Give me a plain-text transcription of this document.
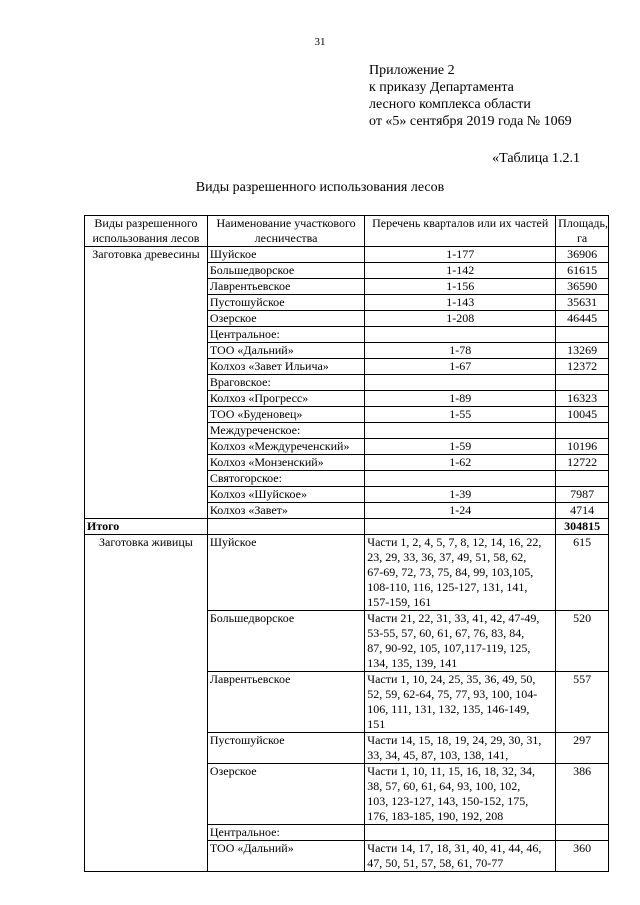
31
Приложение 2
к приказу Департамента
лесного комплекса области
от «5» сентября 2019 года № 1069
«Таблица 1.2.1
Виды разрешенного использования лесов
Виды разрешенного использования лесов	Наименование участкового лесничества	Перечень кварталов или их частей	Площадь, га
Заготовка древесины	Шуйское	1-177	36906
	Большедворское	1-142	61615
	Лаврентьевское	1-156	36590
	Пустошуйское	1-143	35631
	Озерское	1-208	46445
	Центральное:		
	ТОО «Дальний»	1-78	13269
	Колхоз «Завет Ильича»	1-67	12372
	Враговское:		
	Колхоз «Прогресс»	1-89	16323
	ТОО «Буденовец»	1-55	10045
	Междуреченское:		
	Колхоз «Междуреченский»	1-59	10196
	Колхоз «Монзенский»	1-62	12722
	Святогорское:		
	Колхоз «Шуйское»	1-39	7987
	Колхоз «Завет»	1-24	4714
Итого			304815
Заготовка живицы	Шуйское	Части 1, 2, 4, 5, 7, 8, 12, 14, 16, 22,
23, 29, 33, 36, 37, 49, 51, 58, 62,
67-69, 72, 73, 75, 84, 99, 103,105,
108-110, 116, 125-127, 131, 141,
157-159, 161	615
	Большедворское	Части 21, 22, 31, 33, 41, 42, 47-49,
53-55, 57, 60, 61, 67, 76, 83, 84,
87, 90-92, 105, 107,117-119, 125,
134, 135, 139, 141	520
	Лаврентьевское	Части 1, 10, 24, 25, 35, 36, 49, 50,
52, 59, 62-64, 75, 77, 93, 100, 104-
106, 111, 131, 132, 135, 146-149,
151	557
	Пустошуйское	Части 14, 15, 18, 19, 24, 29, 30, 31,
33, 34, 45, 87, 103, 138, 141,	297
	Озерское	Части 1, 10, 11, 15, 16, 18, 32, 34,
38, 57, 60, 61, 64, 93, 100, 102,
103, 123-127, 143, 150-152, 175,
176, 183-185, 190, 192, 208	386
	Центральное:		
	ТОО «Дальний»	Части 14, 17, 18, 31, 40, 41, 44, 46,
47, 50, 51, 57, 58, 61, 70-77	360
